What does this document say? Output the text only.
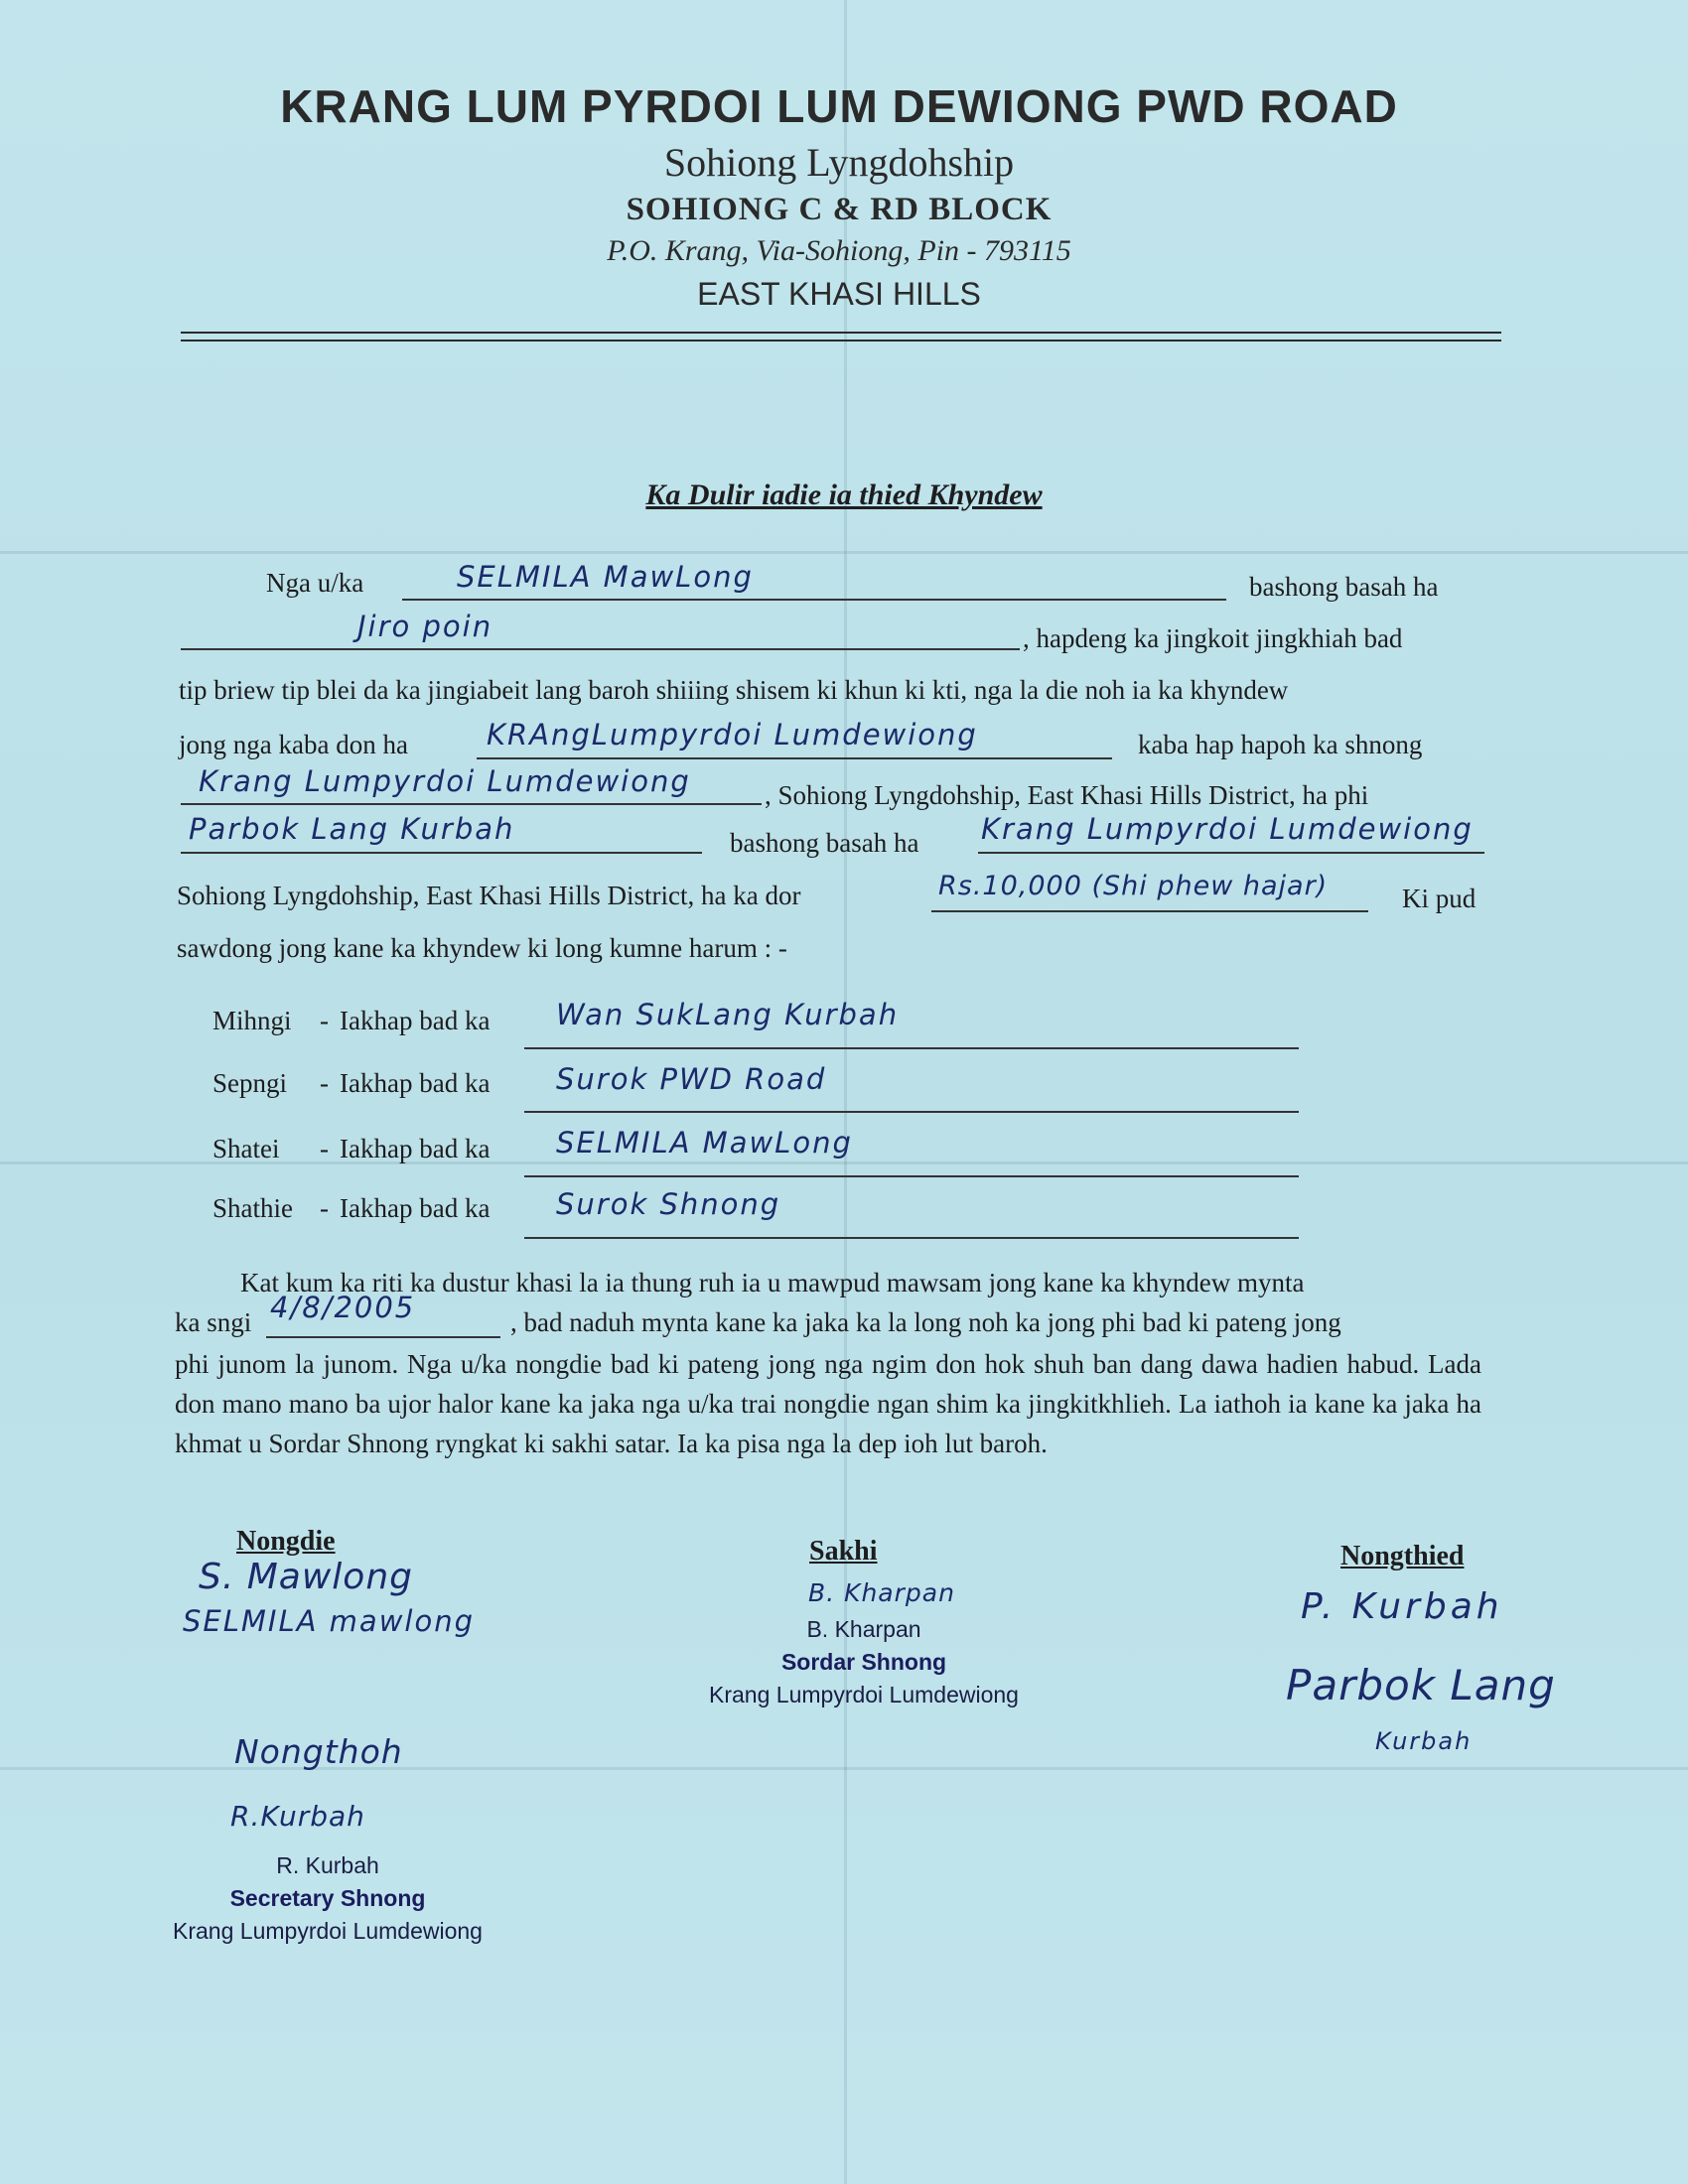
KRANG LUM PYRDOI LUM DEWIONG PWD ROAD
Sohiong Lyngdohship
SOHIONG C & RD BLOCK
P.O. Krang, Via-Sohiong, Pin - 793115
EAST KHASI HILLS
Ka Dulir iadie ia thied Khyndew
Nga u/ka	SELMILA MawLong	bashong basah ha
Jiro poin	, hapdeng ka jingkoit jingkhiah bad
tip briew tip blei da ka jingiabeit lang baroh shiiing shisem ki khun ki kti, nga la die noh ia ka khyndew
jong nga kaba don ha	KRAngLumpyrdoi Lumdewiong	kaba hap hapoh ka shnong
Krang Lumpyrdoi Lumdewiong	, Sohiong Lyngdohship, East Khasi Hills District, ha phi
Parbok Lang Kurbah	bashong basah ha Krang Lumpyrdoi Lumdewiong
Sohiong Lyngdohship, East Khasi Hills District, ha ka dor	Rs.10,000 (Shi phew hajar)	Ki pud
sawdong jong kane ka khyndew ki long kumne harum : -
Mihngi - Iakhap bad ka Wan SukLang Kurbah
Sepngi - Iakhap bad ka Surok PWD Road
Shatei - Iakhap bad ka SELMILA MawLong
Shathie - Iakhap bad ka Surok Shnong
Kat kum ka riti ka dustur khasi la ia thung ruh ia u mawpud mawsam jong kane ka khyndew mynta
ka sngi 4/8/2005	, bad naduh mynta kane ka jaka ka la long noh ka jong phi bad ki pateng jong
phi junom la junom. Nga u/ka nongdie bad ki pateng jong nga ngim don hok shuh ban dang dawa hadien habud. Lada don mano mano ba ujor halor kane ka jaka nga u/ka trai nongdie ngan shim ka jingkitkhlieh. La iathoh ia kane ka jaka ha khmat u Sordar Shnong ryngkat ki sakhi satar. Ia ka pisa nga la dep ioh lut baroh.
Nongdie
S. Mawlong
SELMILA mawlong
Sakhi
B. Kharpan
B. Kharpan
Sordar Shnong
Krang Lumpyrdoi Lumdewiong
Nongthied
P. Kurbah
Parbok Lang
Kurbah
Nongthoh
R.Kurbah
R. Kurbah
Secretary Shnong
Krang Lumpyrdoi Lumdewiong
